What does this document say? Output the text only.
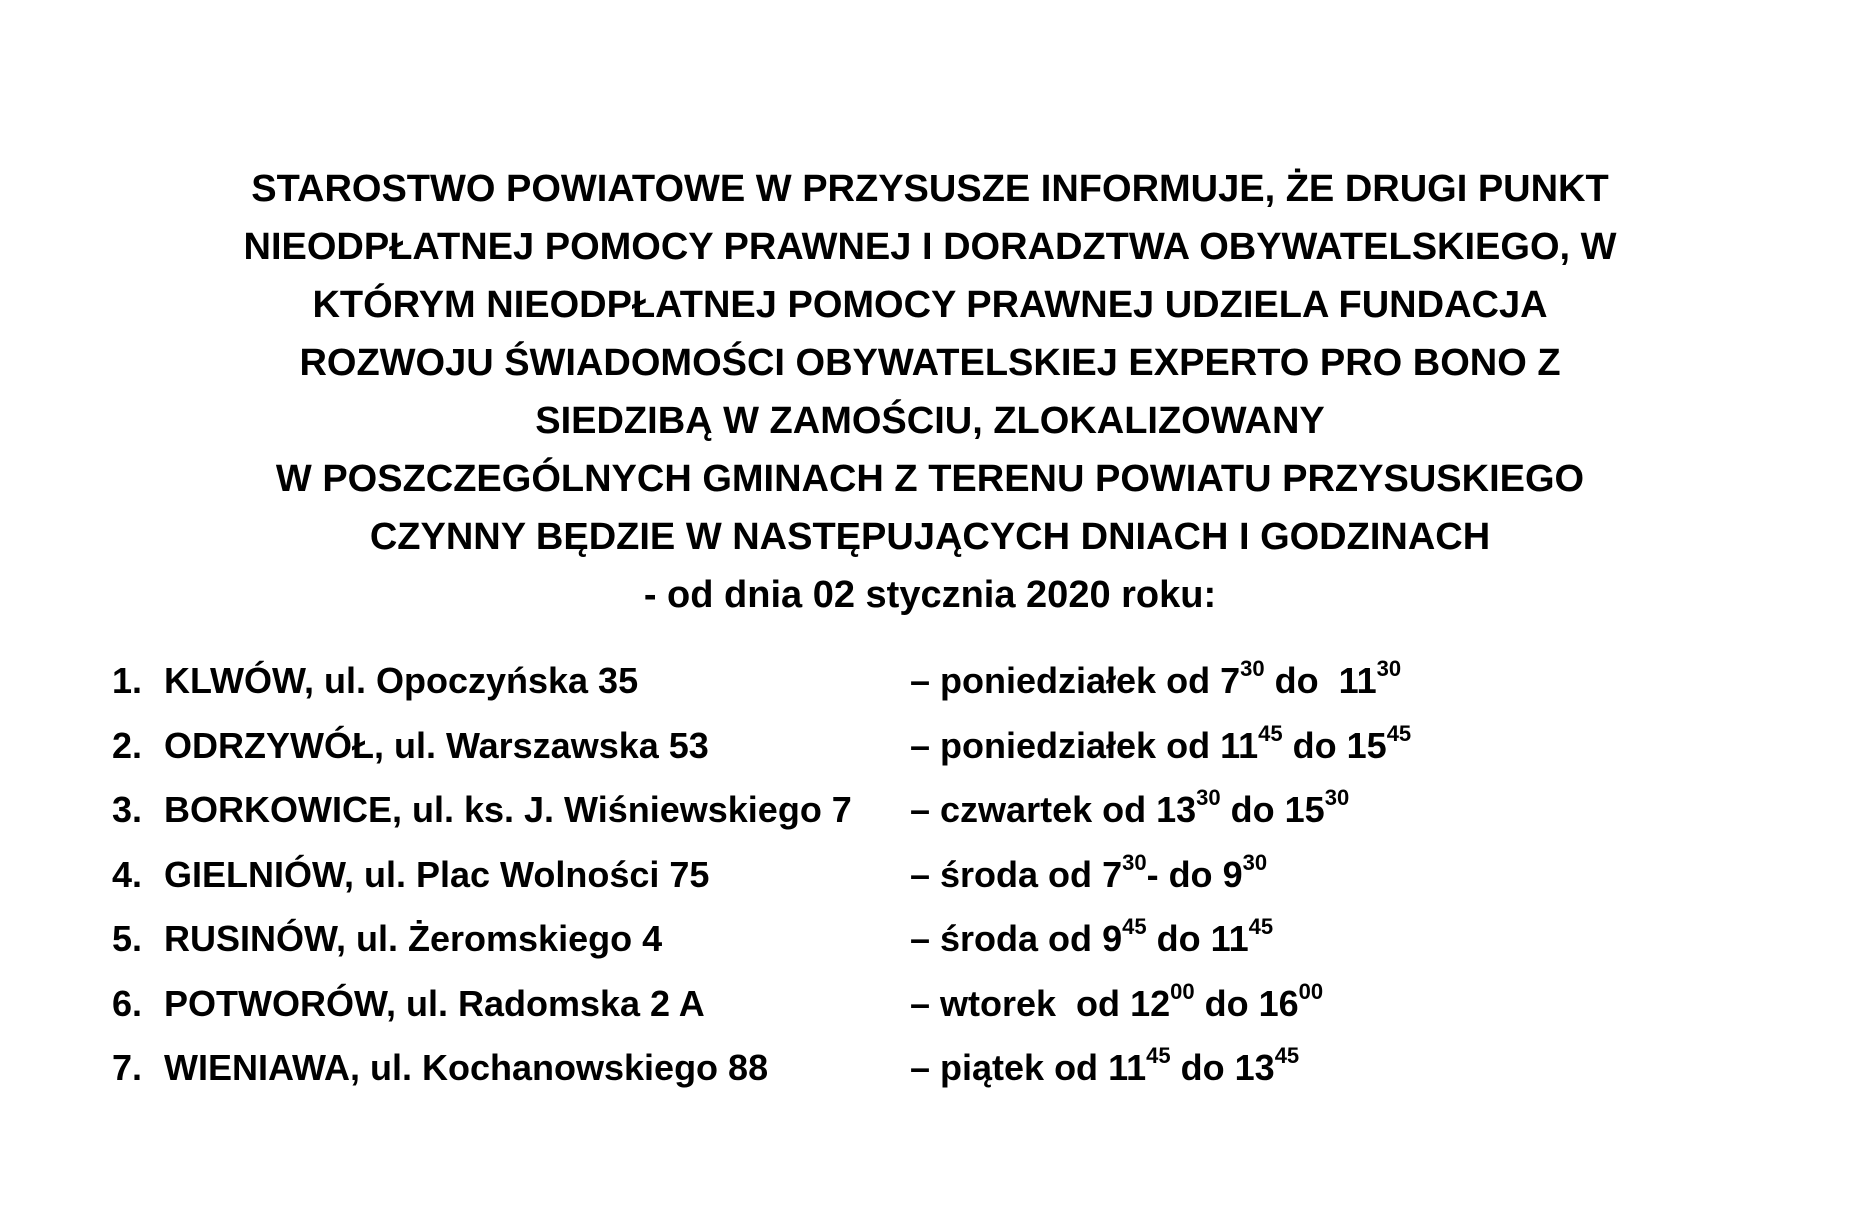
STAROSTWO POWIATOWE W PRZYSUSZE INFORMUJE, ŻE DRUGI PUNKT
NIEODPŁATNEJ POMOCY PRAWNEJ I DORADZTWA OBYWATELSKIEGO, W
KTÓRYM NIEODPŁATNEJ POMOCY PRAWNEJ UDZIELA FUNDACJA
ROZWOJU ŚWIADOMOŚCI OBYWATELSKIEJ EXPERTO PRO BONO Z
SIEDZIBĄ W ZAMOŚCIU, ZLOKALIZOWANY
W POSZCZEGÓLNYCH GMINACH Z TERENU POWIATU PRZYSUSKIEGO
CZYNNY BĘDZIE W NASTĘPUJĄCYCH DNIACH I GODZINACH
- od dnia 02 stycznia 2020 roku:
1. KLWÓW, ul. Opoczyńska 35	– poniedziałek od $7^{30}$ do $11^{30}$
2. ODRZYWÓŁ, ul. Warszawska 53	– poniedziałek od $11^{45}$ do $15^{45}$
3. BORKOWICE, ul. ks. J. Wiśniewskiego 7 – czwartek od $13^{30}$ do $15^{30}$
4. GIELNIÓW, ul. Plac Wolności 75	– środa od $7^{30}-$ do $9^{30}$
5. RUSINÓW, ul. Żeromskiego 4	– środa od $9^{45}$ do $11^{45}$
6. POTWORÓW, ul. Radomska 2 A	– wtorek  od $12^{00}$ do $16^{00}$
7. WIENIAWA, ul. Kochanowskiego 88	– piątek od $11^{45}$ do $13^{45}$
